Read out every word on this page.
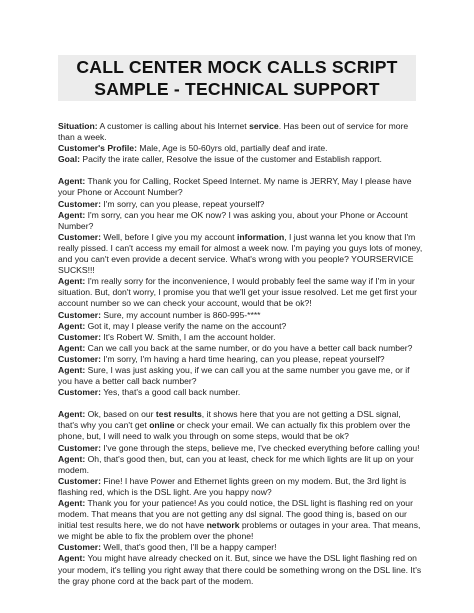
CALL CENTER MOCK CALLS SCRIPT
SAMPLE - TECHNICAL SUPPORT

Situation: A customer is calling about his Internet service. Has been out of service for more than a week.

Customer's Profile: Male, Age is 50-60yrs old, partially deaf and irate.

Goal: Pacify the irate caller, Resolve the issue of the customer and Establish rapport.

Agent: Thank you for Calling, Rocket Speed Internet. My name is JERRY, May I please have your Phone or Account Number?

Customer: I'm sorry, can you please, repeat yourself?

Agent: I'm sorry, can you hear me OK now? I was asking you, about your Phone or Account Number?

Customer: Well, before I give you my account information, I just wanna let you know that I'm really pissed. I can't access my email for almost a week now. I'm paying you guys lots of money, and you can't even provide a decent service. What's wrong with you people? YOURSERVICE SUCKS!!!

Agent: I'm really sorry for the inconvenience, I would probably feel the same way if I'm in your situation. But, don't worry, I promise you that we'll get your issue resolved. Let me get first your account number so we can check your account, would that be ok?!

Customer: Sure, my account number is 860-995-****

Agent: Got it, may I please verify the name on the account?

Customer: It's Robert W. Smith, I am the account holder.

Agent: Can we call you back at the same number, or do you have a better call back number?

Customer: I'm sorry, I'm having a hard time hearing, can you please, repeat yourself?

Agent: Sure, I was just asking you, if we can call you at the same number you gave me, or if you have a better call back number?

Customer: Yes, that's a good call back number.

Agent: Ok, based on our test results, it shows here that you are not getting a DSL signal, that's why you can't get online or check your email. We can actually fix this problem over the phone, but, I will need to walk you through on some steps, would that be ok?

Customer: I've gone through the steps, believe me, I've checked everything before calling you!

Agent: Oh, that's good then, but, can you at least, check for me which lights are lit up on your modem.

Customer: Fine! I have Power and Ethernet lights green on my modem. But, the 3rd light is flashing red, which is the DSL light. Are you happy now?

Agent: Thank you for your patience! As you could notice, the DSL light is flashing red on your modem. That means that you are not getting any dsl signal. The good thing is, based on our initial test results here, we do not have network problems or outages in your area. That means, we might be able to fix the problem over the phone!

Customer: Well, that's good then, I'll be a happy camper!

Agent: You might have already checked on it. But, since we have the DSL light flashing red on your modem, it's telling you right away that there could be something wrong on the DSL line. It's the gray phone cord at the back part of the modem.
